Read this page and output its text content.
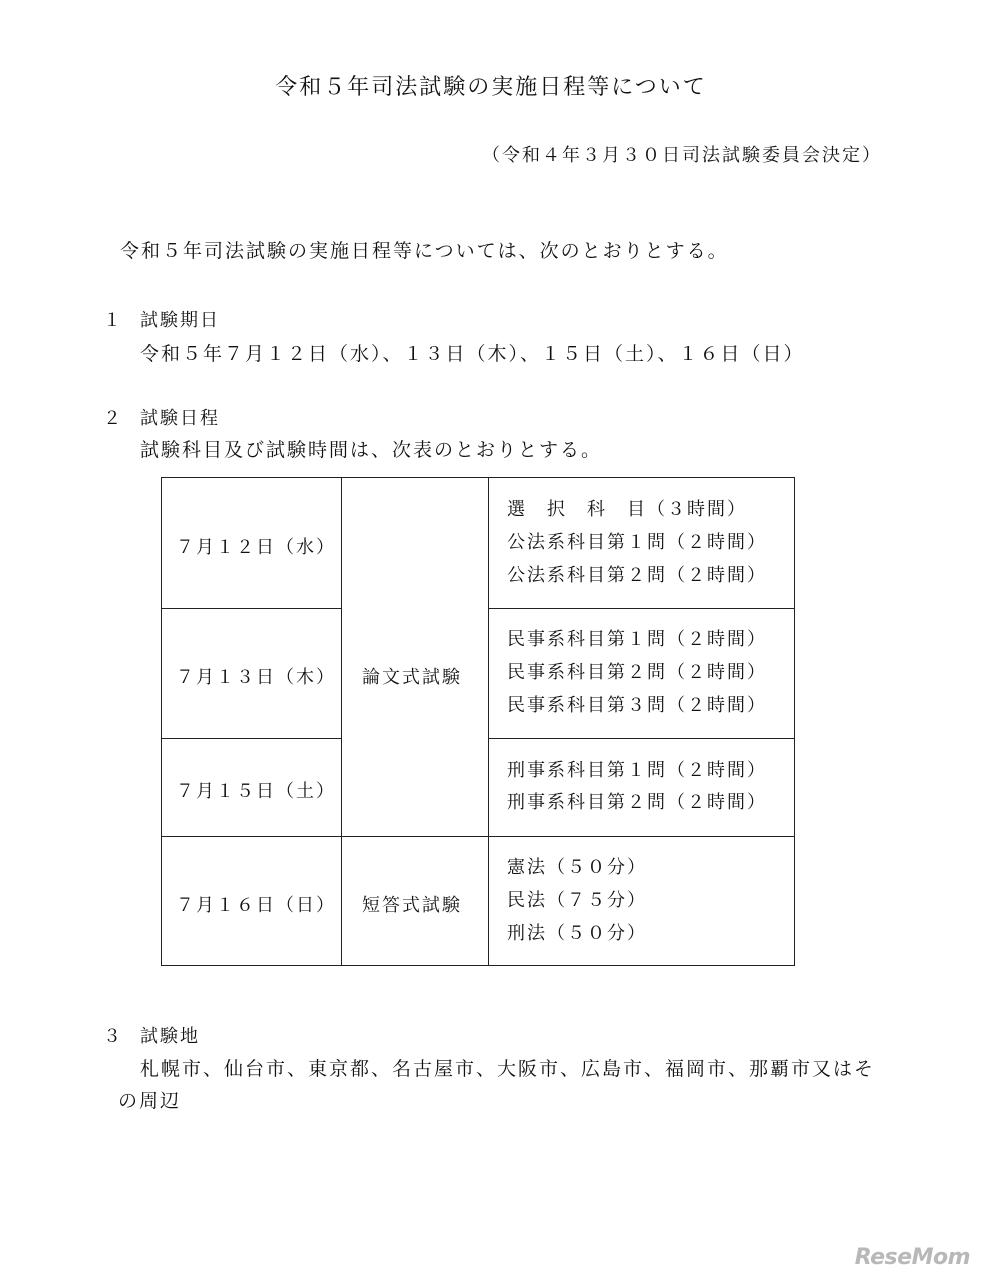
令和５年司法試験の実施日程等について
（令和４年３月３０日司法試験委員会決定）
令和５年司法試験の実施日程等については、次のとおりとする。
１ 試験期日
令和５年７月１２日（水）、１３日（木）、１５日（土）、１６日（日）
２ 試験日程
試験科目及び試験時間は、次表のとおりとする。
７月１２日（水）
７月１３日（木）
７月１５日（土）
７月１６日（日）
論文式試験
短答式試験
選　択　科　目（３時間）
公法系科目第１問（２時間）
公法系科目第２問（２時間）
民事系科目第１問（２時間）
民事系科目第２問（２時間）
民事系科目第３問（２時間）
刑事系科目第１問（２時間）
刑事系科目第２問（２時間）
憲法（５０分）
民法（７５分）
刑法（５０分）
３ 試験地
札幌市、仙台市、東京都、名古屋市、大阪市、広島市、福岡市、那覇市又はそ
の周辺
ReseMom
